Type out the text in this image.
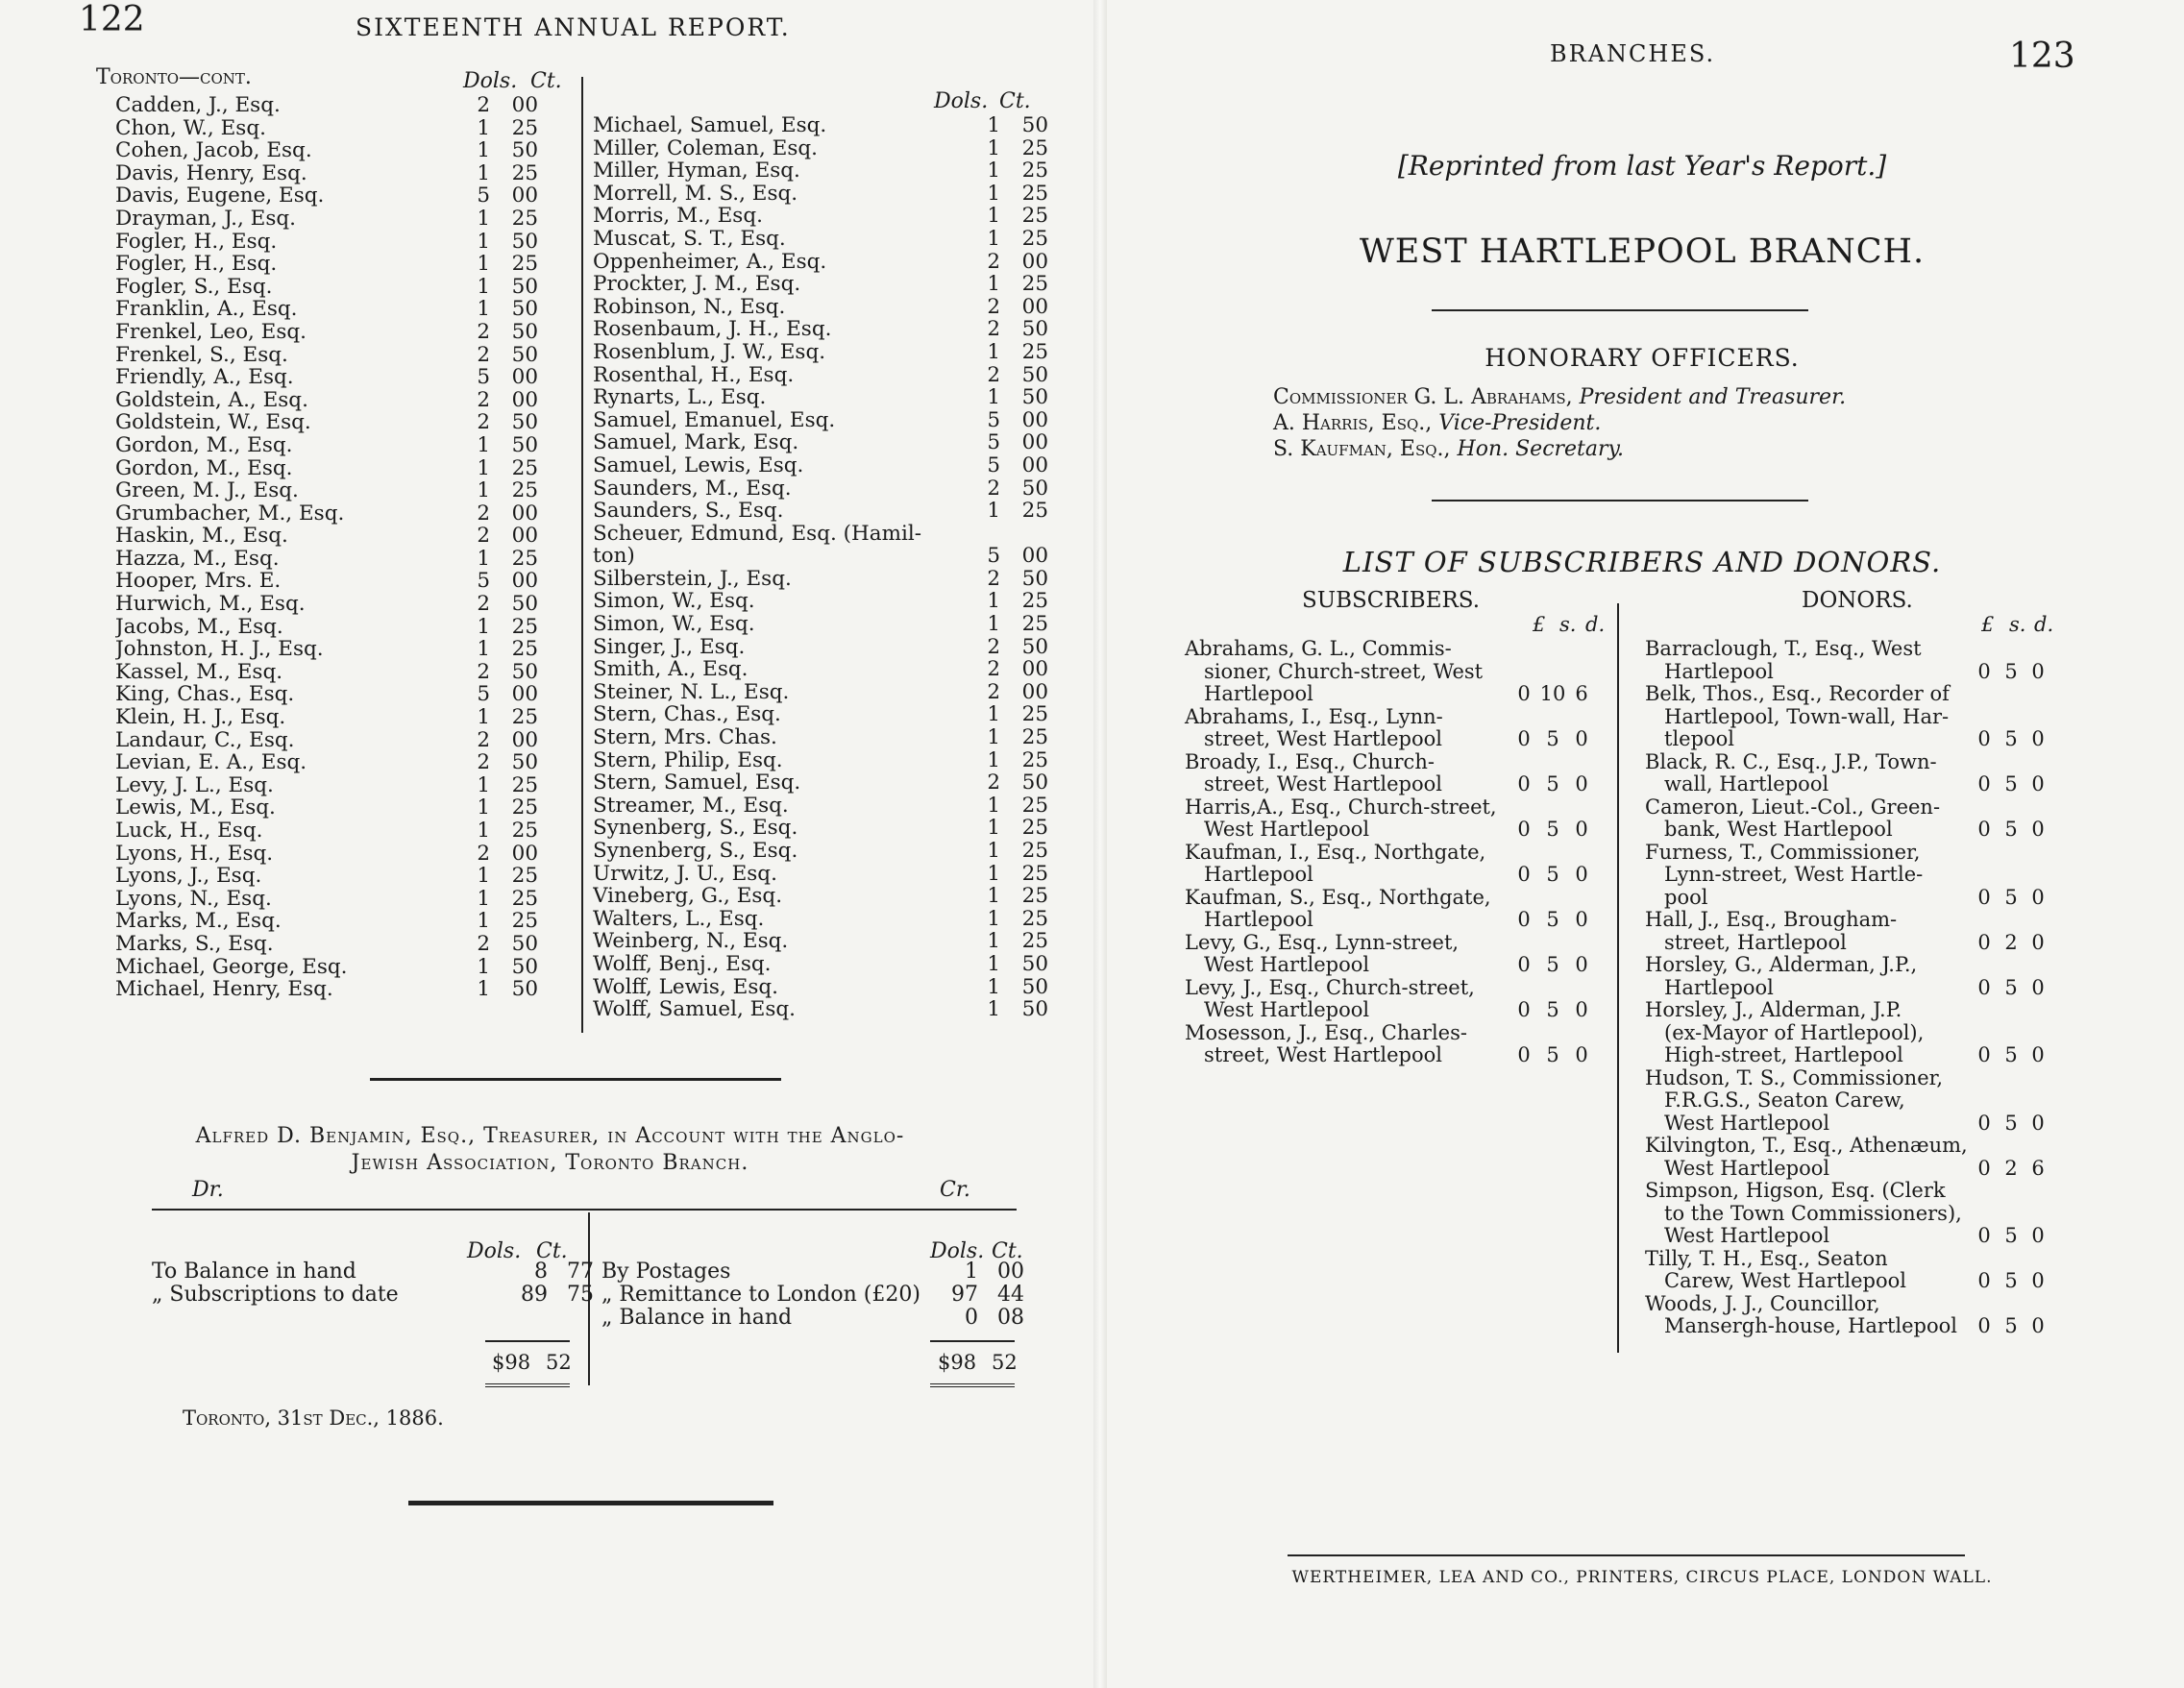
122	SIXTEENTH ANNUAL REPORT.
Toronto—cont.	Dols. Ct.
Dols. Ct.
Cadden, J., Esq.	2	00
Chon, W., Esq.	1	25
Cohen, Jacob, Esq.	1	50
Davis, Henry, Esq.	1	25
Davis, Eugene, Esq.	5	00
Drayman, J., Esq.	1	25
Fogler, H., Esq.	1	50
Fogler, H., Esq.	1	25
Fogler, S., Esq.	1	50
Franklin, A., Esq.	1	50
Frenkel, Leo, Esq.	2	50
Frenkel, S., Esq.	2	50
Friendly, A., Esq.	5	00
Goldstein, A., Esq.	2	00
Goldstein, W., Esq.	2	50
Gordon, M., Esq.	1	50
Gordon, M., Esq.	1	25
Green, M. J., Esq.	1	25
Grumbacher, M., Esq.	2	00
Haskin, M., Esq.	2	00
Hazza, M., Esq.	1	25
Hooper, Mrs. E.	5	00
Hurwich, M., Esq.	2	50
Jacobs, M., Esq.	1	25
Johnston, H. J., Esq.	1	25
Kassel, M., Esq.	2	50
King, Chas., Esq.	5	00
Klein, H. J., Esq.	1	25
Landaur, C., Esq.	2	00
Levian, E. A., Esq.	2	50
Levy, J. L., Esq.	1	25
Lewis, M., Esq.	1	25
Luck, H., Esq.	1	25
Lyons, H., Esq.	2	00
Lyons, J., Esq.	1	25
Lyons, N., Esq.	1	25
Marks, M., Esq.	1	25
Marks, S., Esq.	2	50
Michael, George, Esq.	1	50
Michael, Henry, Esq.	1	50
Michael, Samuel, Esq.	1	50
Miller, Coleman, Esq.	1	25
Miller, Hyman, Esq.	1	25
Morrell, M. S., Esq.	1	25
Morris, M., Esq.	1	25
Muscat, S. T., Esq.	1	25
Oppenheimer, A., Esq.	2	00
Prockter, J. M., Esq.	1	25
Robinson, N., Esq.	2	00
Rosenbaum, J. H., Esq.	2	50
Rosenblum, J. W., Esq.	1	25
Rosenthal, H., Esq.	2	50
Rynarts, L., Esq.	1	50
Samuel, Emanuel, Esq.	5	00
Samuel, Mark, Esq.	5	00
Samuel, Lewis, Esq.	5	00
Saunders, M., Esq.	2	50
Saunders, S., Esq.	1	25
Scheuer, Edmund, Esq. (Hamil-		
ton)	5	00
Silberstein, J., Esq.	2	50
Simon, W., Esq.	1	25
Simon, W., Esq.	1	25
Singer, J., Esq.	2	50
Smith, A., Esq.	2	00
Steiner, N. L., Esq.	2	00
Stern, Chas., Esq.	1	25
Stern, Mrs. Chas.	1	25
Stern, Philip, Esq.	1	25
Stern, Samuel, Esq.	2	50
Streamer, M., Esq.	1	25
Synenberg, S., Esq.	1	25
Synenberg, S., Esq.	1	25
Urwitz, J. U., Esq.	1	25
Vineberg, G., Esq.	1	25
Walters, L., Esq.	1	25
Weinberg, N., Esq.	1	25
Wolff, Benj., Esq.	1	50
Wolff, Lewis, Esq.	1	50
Wolff, Samuel, Esq.	1	50
Alfred D. Benjamin, Esq., Treasurer, in Account with the Anglo-
Jewish Association, Toronto Branch.
Dr.	Cr.
Dols. Ct.	Dols. Ct.
To Balance in hand	8	77
„ Subscriptions to date	89	75
By Postages	1	00
„ Remittance to London (£20)	97	44
„ Balance in hand	0	08
$98 52	$98 52
Toronto, 31st Dec., 1886.
BRANCHES.	123
[Reprinted from last Year's Report.]
WEST HARTLEPOOL BRANCH.
HONORARY OFFICERS.
Commissioner G. L. Abrahams, President and Treasurer.
A. Harris, Esq., Vice-President.
S. Kaufman, Esq., Hon. Secretary.
LIST OF SUBSCRIBERS AND DONORS.
SUBSCRIBERS.	DONORS.
£ s. d.	£ s. d.
Abrahams, G. L., Commis-
sioner, Church-street, West
Hartlepool	0	10	6

Abrahams, I., Esq., Lynn-
street, West Hartlepool	0	5	0

Broady, I., Esq., Church-
street, West Hartlepool	0	5	0

Harris,A., Esq., Church-street,
West Hartlepool	0	5	0

Kaufman, I., Esq., Northgate,
Hartlepool	0	5	0

Kaufman, S., Esq., Northgate,
Hartlepool	0	5	0

Levy, G., Esq., Lynn-street,
West Hartlepool	0	5	0

Levy, J., Esq., Church-street,
West Hartlepool	0	5	0

Mosesson, J., Esq., Charles-
street, West Hartlepool	0	5	0
Barraclough, T., Esq., West
Hartlepool	0	5	0

Belk, Thos., Esq., Recorder of
Hartlepool, Town-wall, Har-
tlepool	0	5	0

Black, R. C., Esq., J.P., Town-
wall, Hartlepool	0	5	0

Cameron, Lieut.-Col., Green-
bank, West Hartlepool	0	5	0

Furness, T., Commissioner,
Lynn-street, West Hartle-
pool	0	5	0

Hall, J., Esq., Brougham-
street, Hartlepool	0	2	0

Horsley, G., Alderman, J.P.,
Hartlepool	0	5	0

Horsley, J., Alderman, J.P.
(ex-Mayor of Hartlepool),
High-street, Hartlepool	0	5	0

Hudson, T. S., Commissioner,
F.R.G.S., Seaton Carew,
West Hartlepool	0	5	0

Kilvington, T., Esq., Athenæum,
West Hartlepool	0	2	6

Simpson, Higson, Esq. (Clerk
to the Town Commissioners),
West Hartlepool	0	5	0

Tilly, T. H., Esq., Seaton
Carew, West Hartlepool	0	5	0

Woods, J. J., Councillor,
Mansergh-house, Hartlepool	0	5	0
WERTHEIMER, LEA AND CO., PRINTERS, CIRCUS PLACE, LONDON WALL.
